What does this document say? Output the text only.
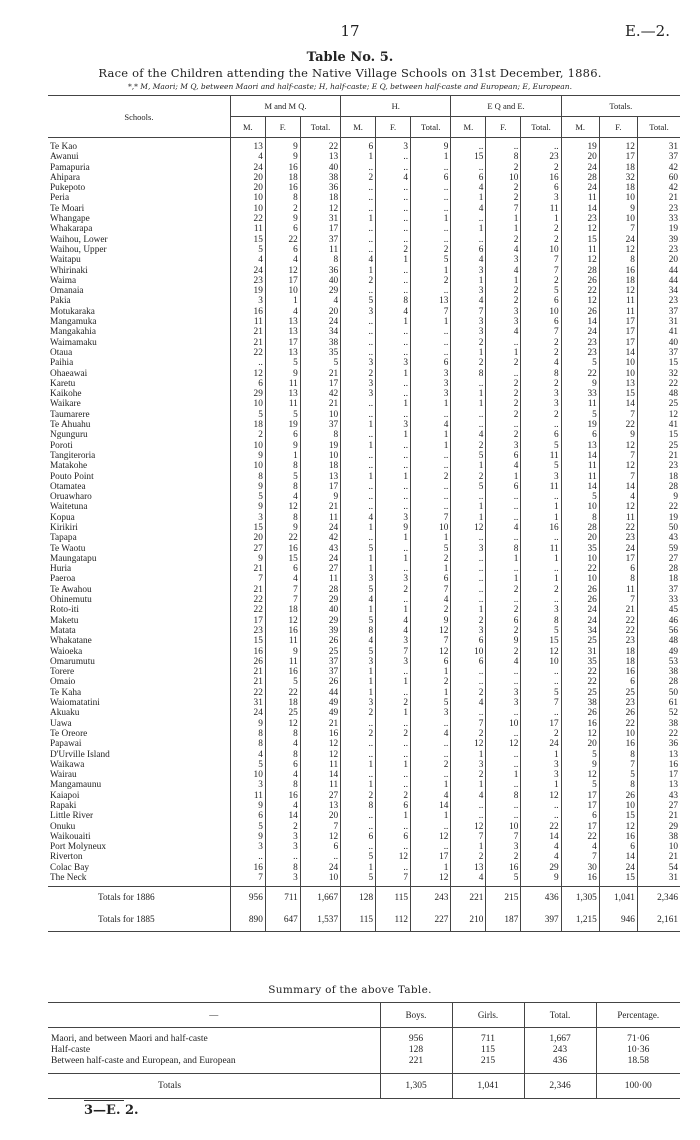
17	E.—2.
Table No. 5.
Race of the Children attending the Native Village Schools on 31st December, 1886.
*,* M, Maori; M Q, between Maori and half-caste; H, half-caste; E Q, between half-caste and European; E, European.
Schools.	M and M Q.			H.			E Q and E.			Totals.		
	M.	F.	Total.	M.	F.	Total.	M.	F.	Total.	M.	F.	Total.
Te Kao	13	9	22	6	3	9	..	..	..	19	12	31
Awanui	4	9	13	1	..	1	15	8	23	20	17	37
Pamapuria	24	16	40	..	..	..	..	2	2	24	18	42
Ahipara	20	18	38	2	4	6	6	10	16	28	32	60
Pukepoto	20	16	36	..	..	..	4	2	6	24	18	42
Peria	10	8	18	..	..	..	1	2	3	11	10	21
Te Moari	10	2	12	..	..	..	4	7	11	14	9	23
Whangape	22	9	31	1	..	1	..	1	1	23	10	33
Whakarapa	11	6	17	..	..	..	1	1	2	12	7	19
Waihou, Lower	15	22	37	..	..	..	..	2	2	15	24	39
Waihou, Upper	5	6	11	..	2	2	6	4	10	11	12	23
Waitapu	4	4	8	4	1	5	4	3	7	12	8	20
Whirinaki	24	12	36	1	..	1	3	4	7	28	16	44
Waima	23	17	40	2	..	2	1	1	2	26	18	44
Omanaia	19	10	29	..	..	..	3	2	5	22	12	34
Pakia	3	1	4	5	8	13	4	2	6	12	11	23
Motukaraka	16	4	20	3	4	7	7	3	10	26	11	37
Mangamuka	11	13	24	..	1	1	3	3	6	14	17	31
Mangakahia	21	13	34	..	..	..	3	4	7	24	17	41
Waimamaku	21	17	38	..	..	..	2	..	2	23	17	40
Otaua	22	13	35	..	..	..	1	1	2	23	14	37
Paihia	..	5	5	3	3	6	2	2	4	5	10	15
Ohaeawai	12	9	21	2	1	3	8	..	8	22	10	32
Karetu	6	11	17	3	..	3	..	2	2	9	13	22
Kaikohe	29	13	42	3	..	3	1	2	3	33	15	48
Waikare	10	11	21	..	1	1	1	2	3	11	14	25
Taumarere	5	5	10	..	..	..	..	2	2	5	7	12
Te Ahuahu	18	19	37	1	3	4	..	..	..	19	22	41
Ngunguru	2	6	8	..	1	1	4	2	6	6	9	15
Poroti	10	9	19	1	..	1	2	3	5	13	12	25
Tangiteroria	9	1	10	..	..	..	5	6	11	14	7	21
Matakohe	10	8	18	..	..	..	1	4	5	11	12	23
Pouto Point	8	5	13	1	1	2	2	1	3	11	7	18
Otamatea	9	8	17	..	..	..	5	6	11	14	14	28
Oruawharo	5	4	9	..	..	..	..	..	..	5	4	9
Waitetuna	9	12	21	..	..	..	1	..	1	10	12	22
Kopua	3	8	11	4	3	7	1	..	1	8	11	19
Kirikiri	15	9	24	1	9	10	12	4	16	28	22	50
Tapapa	20	22	42	..	1	1	..	..	..	20	23	43
Te Waotu	27	16	43	5	..	5	3	8	11	35	24	59
Maungatapu	9	15	24	1	1	2	..	1	1	10	17	27
Huria	21	6	27	1	..	1	..	..	..	22	6	28
Paeroa	7	4	11	3	3	6	..	1	1	10	8	18
Te Awahou	21	7	28	5	2	7	..	2	2	26	11	37
Ohinemutu	22	7	29	4	..	4	..	..	..	26	7	33
Roto-iti	22	18	40	1	1	2	1	2	3	24	21	45
Maketu	17	12	29	5	4	9	2	6	8	24	22	46
Matata	23	16	39	8	4	12	3	2	5	34	22	56
Whakatane	15	11	26	4	3	7	6	9	15	25	23	48
Waioeka	16	9	25	5	7	12	10	2	12	31	18	49
Omarumutu	26	11	37	3	3	6	6	4	10	35	18	53
Torere	21	16	37	1	..	1	..	..	..	22	16	38
Omaio	21	5	26	1	1	2	..	..	..	22	6	28
Te Kaha	22	22	44	1	..	1	2	3	5	25	25	50
Waiomatatini	31	18	49	3	2	5	4	3	7	38	23	61
Akuaku	24	25	49	2	1	3	..	..	..	26	26	52
Uawa	9	12	21	..	..	..	7	10	17	16	22	38
Te Oreore	8	8	16	2	2	4	2	..	2	12	10	22
Papawai	8	4	12	..	..	..	12	12	24	20	16	36
D'Urville Island	4	8	12	..	..	..	1	..	1	5	8	13
Waikawa	5	6	11	1	1	2	3	..	3	9	7	16
Wairau	10	4	14	..	..	..	2	1	3	12	5	17
Mangamaunu	3	8	11	1	..	1	1	..	1	5	8	13
Kaiapoi	11	16	27	2	2	4	4	8	12	17	26	43
Rapaki	9	4	13	8	6	14	..	..	..	17	10	27
Little River	6	14	20	..	1	1	..	..	..	6	15	21
Onuku	5	2	7	..	..	..	12	10	22	17	12	29
Waikouaiti	9	3	12	6	6	12	7	7	14	22	16	38
Port Molyneux	3	3	6	..	..	..	1	3	4	4	6	10
Riverton	..	..	..	5	12	17	2	2	4	7	14	21
Colac Bay	16	8	24	1	..	1	13	16	29	30	24	54
The Neck	7	3	10	5	7	12	4	5	9	16	15	31
Totals for 1886	956	711	1,667	128	115	243	221	215	436	1,305	1,041	2,346
Totals for 1885	890	647	1,537	115	112	227	210	187	397	1,215	946	2,161
Summary of the above Table.
—	Boys.	Girls.	Total.	Percentage.
Maori, and between Maori and half-caste	956	711	1,667	71·06
Half-caste	128	115	243	10·36
Between half-caste and European, and European	221	215	436	18.58
Totals	1,305	1,041	2,346	100·00
3—E. 2.
